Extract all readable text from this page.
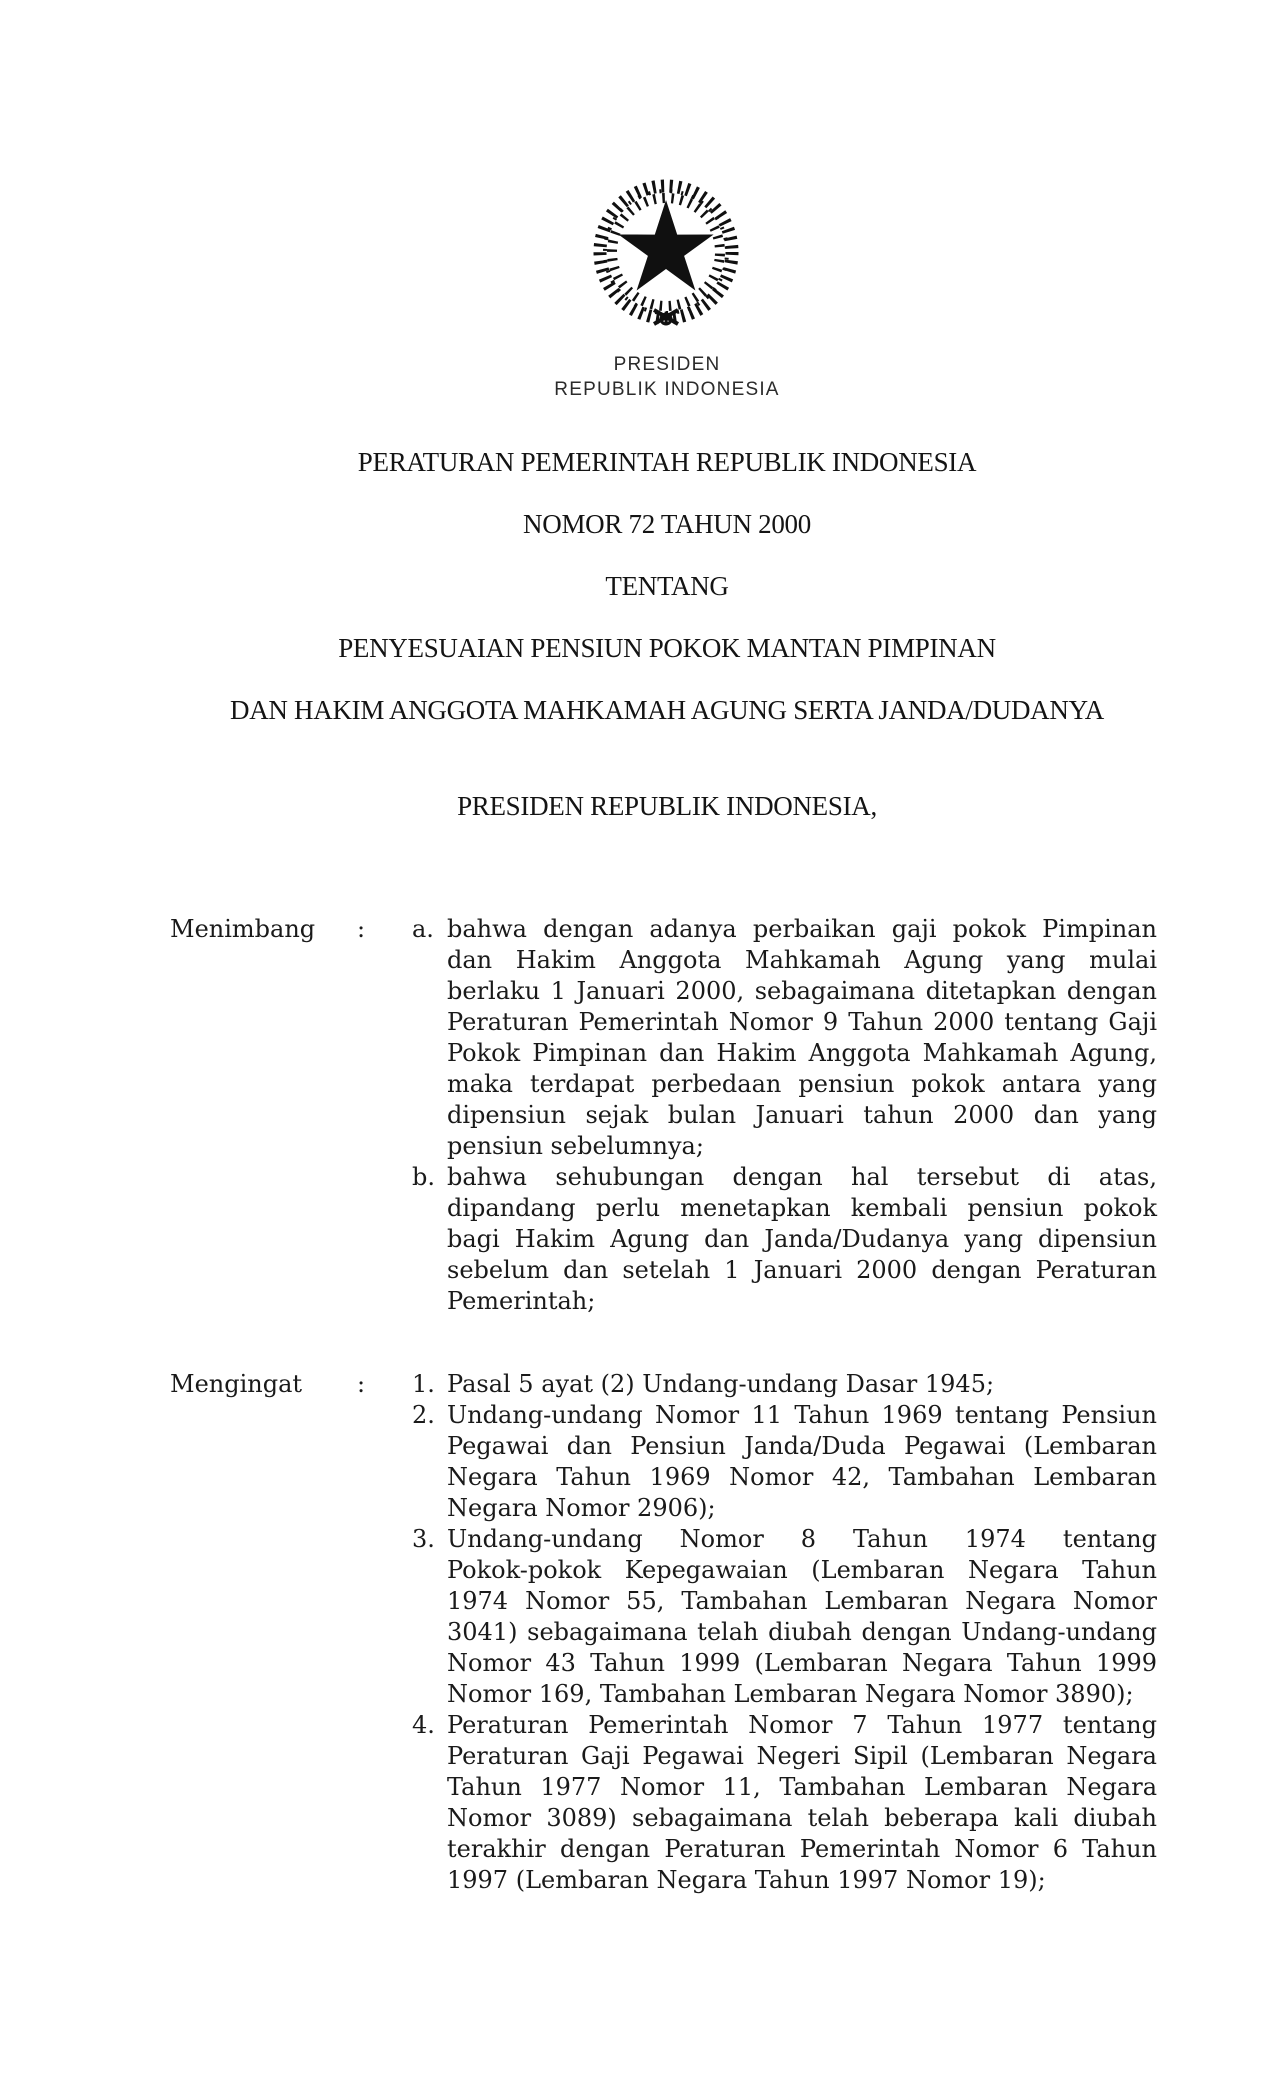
PRESIDEN
REPUBLIK INDONESIA
PERATURAN PEMERINTAH REPUBLIK INDONESIA
NOMOR 72 TAHUN 2000
TENTANG
PENYESUAIAN PENSIUN POKOK MANTAN PIMPINAN
DAN HAKIM ANGGOTA MAHKAMAH AGUNG SERTA JANDA/DUDANYA
PRESIDEN REPUBLIK INDONESIA,
Menimbang	:	a. bahwa dengan adanya perbaikan gaji pokok Pimpinan
dan Hakim Anggota Mahkamah Agung yang mulai
berlaku 1 Januari 2000, sebagaimana ditetapkan dengan
Peraturan Pemerintah Nomor 9 Tahun 2000 tentang Gaji
Pokok Pimpinan dan Hakim Anggota Mahkamah Agung,
maka terdapat perbedaan pensiun pokok antara yang
dipensiun sejak bulan Januari tahun 2000 dan yang
pensiun sebelumnya;
b. bahwa sehubungan dengan hal tersebut di atas,
dipandang perlu menetapkan kembali pensiun pokok
bagi Hakim Agung dan Janda/Dudanya yang dipensiun
sebelum dan setelah 1 Januari 2000 dengan Peraturan
Pemerintah;
Mengingat	:	1. Pasal 5 ayat (2) Undang-undang Dasar 1945;
2. Undang-undang Nomor 11 Tahun 1969 tentang Pensiun
Pegawai dan Pensiun Janda/Duda Pegawai (Lembaran
Negara Tahun 1969 Nomor 42, Tambahan Lembaran
Negara Nomor 2906);
3. Undang-undang Nomor 8 Tahun 1974 tentang
Pokok-pokok Kepegawaian (Lembaran Negara Tahun
1974 Nomor 55, Tambahan Lembaran Negara Nomor
3041) sebagaimana telah diubah dengan Undang-undang
Nomor 43 Tahun 1999 (Lembaran Negara Tahun 1999
Nomor 169, Tambahan Lembaran Negara Nomor 3890);
4. Peraturan Pemerintah Nomor 7 Tahun 1977 tentang
Peraturan Gaji Pegawai Negeri Sipil (Lembaran Negara
Tahun 1977 Nomor 11, Tambahan Lembaran Negara
Nomor 3089) sebagaimana telah beberapa kali diubah
terakhir dengan Peraturan Pemerintah Nomor 6 Tahun
1997 (Lembaran Negara Tahun 1997 Nomor 19);
